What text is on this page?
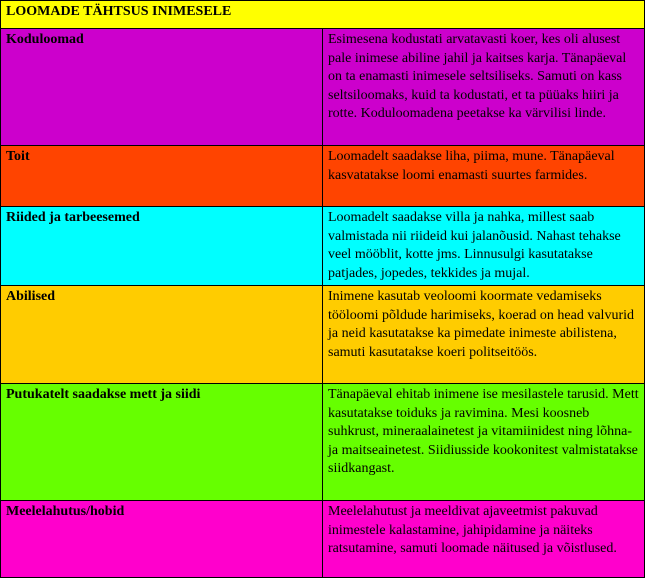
LOOMADE TÄHTSUS INIMESELE	
Koduloomad	Esimesena kodustati arvatavasti koer, kes oli alusest pale inimese abiline jahil ja kaitses karja. Tänapäeval on ta enamasti inimesele seltsiliseks. Samuti on kass seltsiloomaks, kuid ta kodustati, et ta püüaks hiiri ja rotte. Koduloomadena peetakse ka värvilisi linde.
Toit	Loomadelt saadakse liha, piima, mune. Tänapäeval kasvatatakse loomi enamasti suurtes farmides.
Riided ja tarbeesemed	Loomadelt saadakse villa ja nahka, millest saab valmistada nii riideid kui jalanõusid. Nahast tehakse veel mööblit, kotte jms. Linnusulgi kasutatakse patjades, jopedes, tekkides ja mujal.
Abilised	Inimene kasutab veoloomi koormate vedamiseks tööloomi põldude harimiseks, koerad on head valvurid ja neid kasutatakse ka pimedate inimeste abilistena, samuti kasutatakse koeri politseitöös.
Putukatelt saadakse mett ja siidi	Tänapäeval ehitab inimene ise mesilastele tarusid. Mett kasutatakse toiduks ja ravimina. Mesi koosneb suhkrust, mineraalainetest ja vitamiinidest ning lõhna- ja maitseainetest. Siidiusside kookonitest valmistatakse siidkangast.
Meelelahutus/hobid	Meelelahutust ja meeldivat ajaveetmist pakuvad inimestele kalastamine, jahipidamine ja näiteks ratsutamine, samuti loomade näitused ja võistlused.
